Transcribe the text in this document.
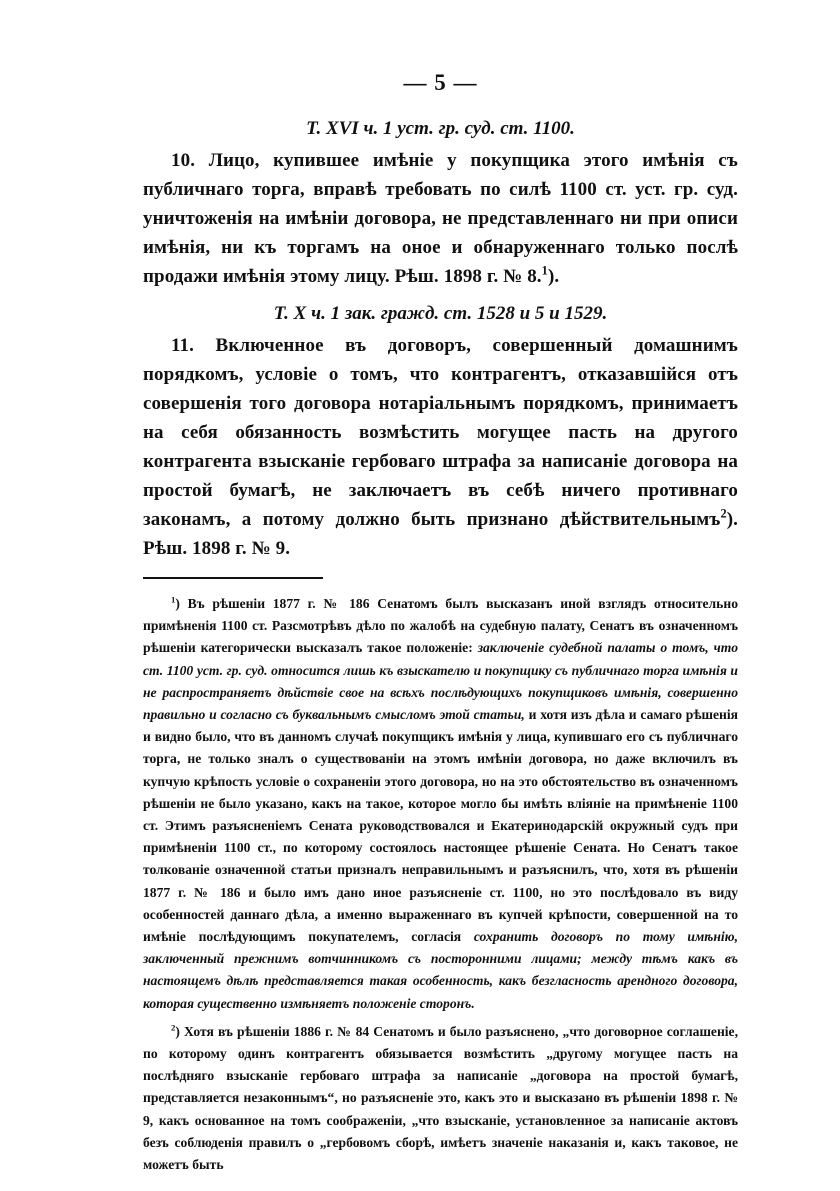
— 5 —
Т. XVI ч. 1 уст. гр. суд. ст. 1100.

10. Лицо, купившее имѣніе у покупщика этого имѣнія съ публичнаго торга, вправѣ требовать по силѣ 1100 ст. уст. гр. суд. уничтоженія на имѣніи договора, не представленнаго ни при описи имѣнія, ни къ торгамъ на оное и обнаруженнаго только послѣ продажи имѣнія этому лицу. Рѣш. 1898 г. № 8.$^1$).

Т. X ч. 1 зак. гражд. ст. 1528 и 5 и 1529.

11. Включенное въ договоръ, совершенный домашнимъ порядкомъ, условіе о томъ, что контрагентъ, отказавшійся отъ совершенія того договора нотаріальнымъ порядкомъ, принимаетъ на себя обязанность возмѣстить могущее пасть на другого контрагента взысканіе гербоваго штрафа за написаніе договора на простой бумагѣ, не заключаетъ въ себѣ ничего противнаго законамъ, а потому должно быть признано дѣйствительнымъ$^2$). Рѣш. 1898 г. № 9.

$^1$) Въ рѣшеніи 1877 г. № 186 Сенатомъ былъ высказанъ иной взглядъ относительно примѣненія 1100 ст. Разсмотрѣвъ дѣло по жалобѣ на судебную палату, Сенатъ въ означенномъ рѣшеніи категорически высказалъ такое положеніе: заключеніе судебной палаты о томъ, что ст. 1100 уст. гр. суд. относится лишь къ взыскателю и покупщику съ публичнаго торга имѣнія и не распространяетъ дѣйствіе свое на всѣхъ послѣдующихъ покупщиковъ имѣнія, совершенно правильно и согласно съ буквальнымъ смысломъ этой статьи, и хотя изъ дѣла и самаго рѣшенія и видно было, что въ данномъ случаѣ покупщикъ имѣнія у лица, купившаго его съ публичнаго торга, не только зналъ о существованіи на этомъ имѣніи договора, но даже включилъ въ купчую крѣпость условіе о сохраненіи этого договора, но на это обстоятельство въ означенномъ рѣшеніи не было указано, какъ на такое, которое могло бы имѣть вліяніе на примѣненіе 1100 ст. Этимъ разъясненіемъ Сената руководствовался и Екатеринодарскій окружный судъ при примѣненіи 1100 ст., по которому состоялось настоящее рѣшеніе Сената. Но Сенатъ такое толкованіе означенной статьи призналъ неправильнымъ и разъяснилъ, что, хотя въ рѣшеніи 1877 г. № 186 и было имъ дано иное разъясненіе ст. 1100, но это послѣдовало въ виду особенностей даннаго дѣла, а именно выраженнаго въ купчей крѣпости, совершенной на то имѣніе послѣдующимъ покупателемъ, согласія сохранить договоръ по тому имѣнію, заключенный прежнимъ вотчинникомъ съ посторонними лицами; между тѣмъ какъ въ настоящемъ дѣлѣ представляется такая особенность, какъ безгласность арендного договора, которая существенно измѣняетъ положеніе сторонъ.

$^2$) Хотя въ рѣшеніи 1886 г. № 84 Сенатомъ и было разъяснено, „что договорное соглашеніе, по которому одинъ контрагентъ обязывается возмѣстить „другому могущее пасть на послѣдняго взысканіе гербоваго штрафа за написаніе „договора на простой бумагѣ, представляется незаконнымъ“, но разъясненіе это, какъ это и высказано въ рѣшеніи 1898 г. № 9, какъ основанное на томъ соображеніи, „что взысканіе, установленное за написаніе актовъ безъ соблюденія правилъ о „гербовомъ сборѣ, имѣетъ значеніе наказанія и, какъ таковое, не можетъ быть
